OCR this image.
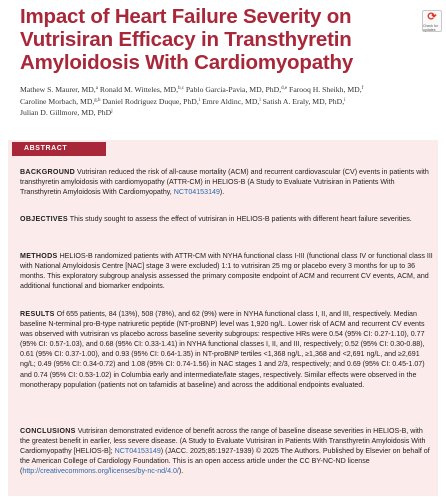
Impact of Heart Failure Severity on Vutrisiran Efficacy in Transthyretin Amyloidosis With Cardiomyopathy
⟳
Check for updates
Mathew S. Maurer, MD,$^a$ Ronald M. Witteles, MD,$^{b,c}$ Pablo Garcia-Pavia, MD, PhD,$^{d,e}$ Farooq H. Sheikh, MD,$^f$
Caroline Morbach, MD,$^{g,h}$ Daniel Rodriguez Duque, PhD,$^i$ Emre Aldinc, MD,$^i$ Satish A. Eraly, MD, PhD,$^i$
Julian D. Gillmore, MD, PhD$^j$
ABSTRACT

BACKGROUND Vutrisiran reduced the risk of all-cause mortality (ACM) and recurrent cardiovascular (CV) events in patients with transthyretin amyloidosis with cardiomyopathy (ATTR-CM) in HELIOS-B (A Study to Evaluate Vutrisiran in Patients With Transthyretin Amyloidosis With Cardiomyopathy, NCT04153149).

OBJECTIVES This study sought to assess the effect of vutrisiran in HELIOS-B patients with different heart failure severities.

METHODS HELIOS-B randomized patients with ATTR-CM with NYHA functional class I-III (functional class IV or functional class III with National Amyloidosis Centre [NAC] stage 3 were excluded) 1:1 to vutrisiran 25 mg or placebo every 3 months for up to 36 months. This exploratory subgroup analysis assessed the primary composite endpoint of ACM and recurrent CV events, ACM, and additional functional and biomarker endpoints.

RESULTS Of 655 patients, 84 (13%), 508 (78%), and 62 (9%) were in NYHA functional class I, II, and III, respectively. Median baseline N-terminal pro-B-type natriuretic peptide (NT-proBNP) level was 1,920 ng/L. Lower risk of ACM and recurrent CV events was observed with vutrisiran vs placebo across baseline severity subgroups: respective HRs were 0.54 (95% CI: 0.27-1.10), 0.77 (95% CI: 0.57-1.03), and 0.68 (95% CI: 0.33-1.41) in NYHA functional classes I, II, and III, respectively; 0.52 (95% CI: 0.30-0.88), 0.61 (95% CI: 0.37-1.00), and 0.93 (95% CI: 0.64-1.35) in NT-proBNP tertiles <1,368 ng/L, ≥1,368 and <2,691 ng/L, and ≥2,691 ng/L; 0.49 (95% CI: 0.34-0.72) and 1.08 (95% CI: 0.74-1.56) in NAC stages 1 and 2/3, respectively; and 0.69 (95% CI: 0.45-1.07) and 0.74 (95% CI: 0.53-1.02) in Columbia early and intermediate/late stages, respectively. Similar effects were observed in the monotherapy population (patients not on tafamidis at baseline) and across the additional endpoints evaluated.

CONCLUSIONS Vutrisiran demonstrated evidence of benefit across the range of baseline disease severities in HELIOS-B, with the greatest benefit in earlier, less severe disease. (A Study to Evaluate Vutrisiran in Patients With Transthyretin Amyloidosis With Cardiomyopathy [HELIOS-B]; NCT04153149) (JACC. 2025;85:1927-1939) © 2025 The Authors. Published by Elsevier on behalf of the American College of Cardiology Foundation. This is an open access article under the CC BY-NC-ND license (http://creativecommons.org/licenses/by-nc-nd/4.0/).
